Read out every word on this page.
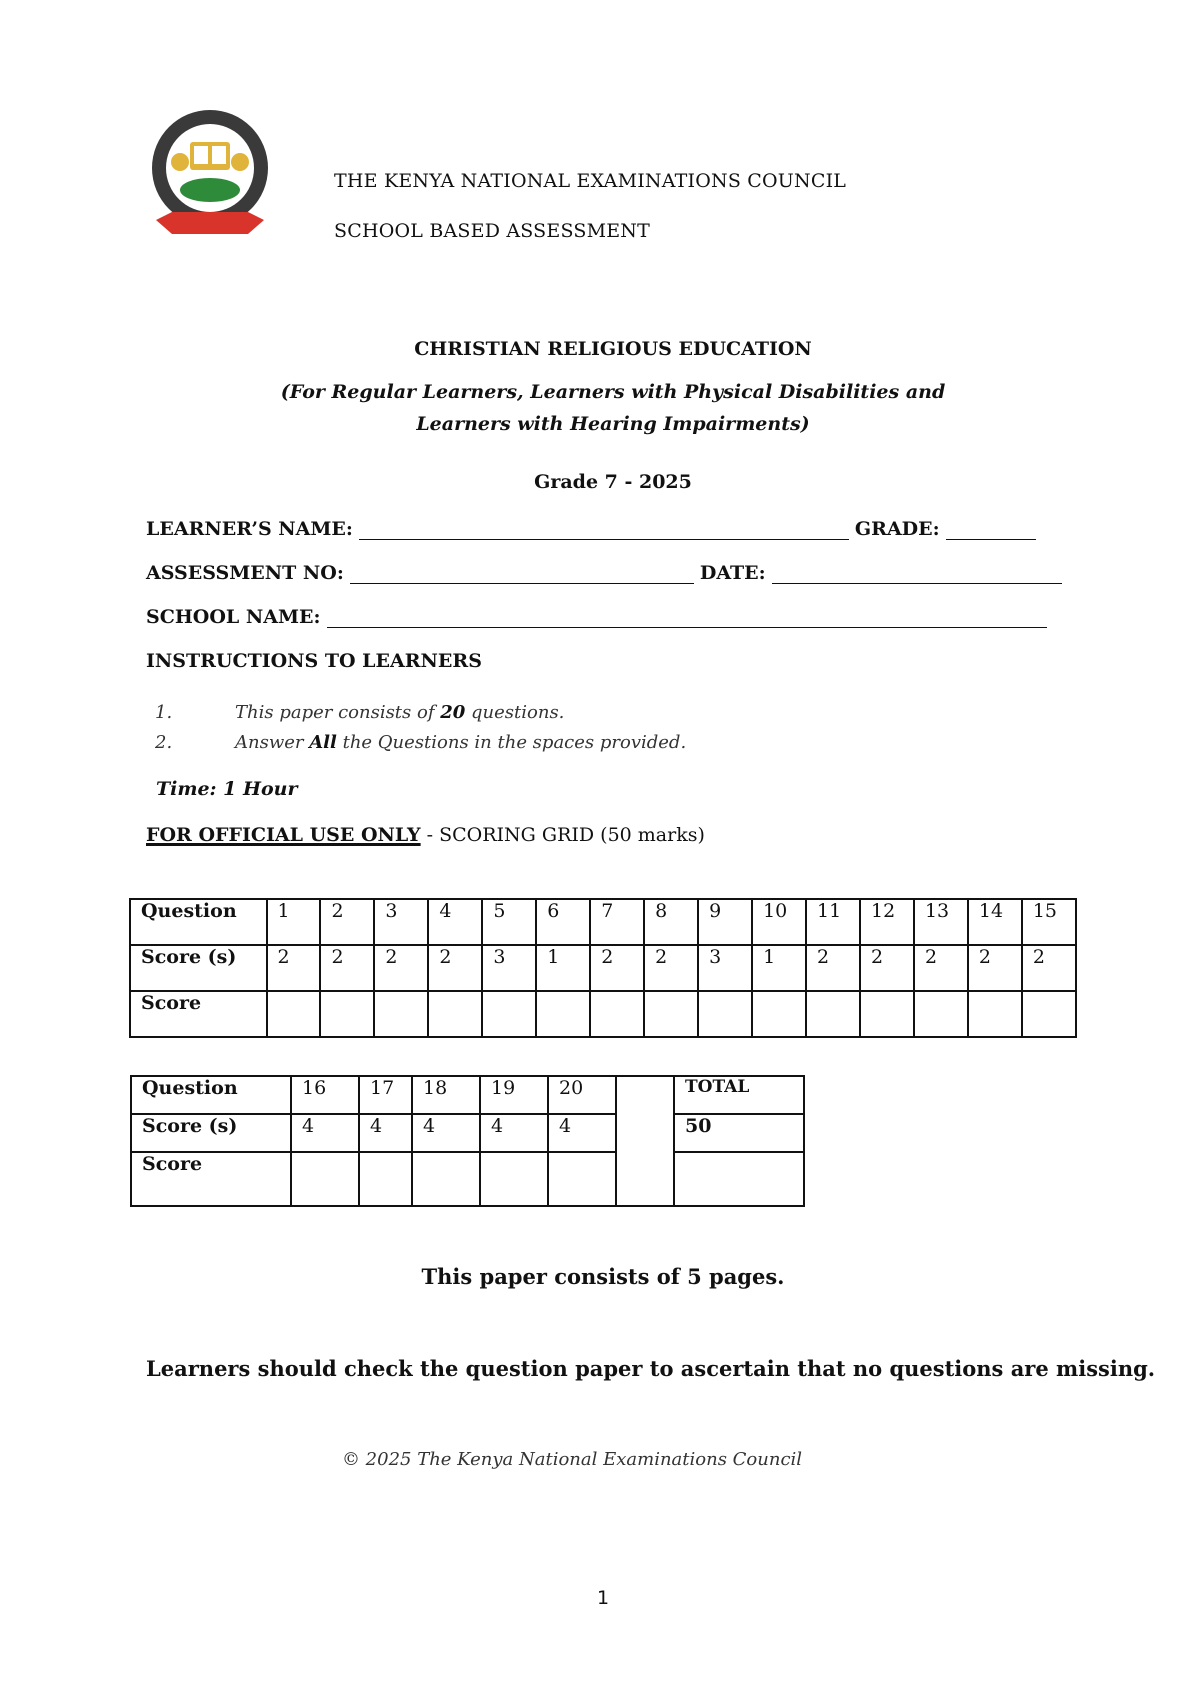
THE KENYA NATIONAL EXAMINATIONS COUNCIL
SCHOOL BASED ASSESSMENT
CHRISTIAN RELIGIOUS EDUCATION
(For Regular Learners, Learners with Physical Disabilities and
Learners with Hearing Impairments)
Grade 7 - 2025
LEARNER’S NAME:	GRADE:
ASSESSMENT NO:	DATE:
SCHOOL NAME:
INSTRUCTIONS TO LEARNERS
1.	This paper consists of 20 questions.
2.	Answer All the Questions in the spaces provided.
Time: 1 Hour
FOR OFFICIAL USE ONLY - SCORING GRID (50 marks)
Question	1	2	3	4	5	6	7	8	9	10	11	12	13	14	15
Score (s)	2	2	2	2	3	1	2	2	3	1	2	2	2	2	2
Score															
Question	16	17	18	19	20		TOTAL
Score (s)	4	4	4	4	4		50
Score							
This paper consists of 5 pages.
Learners should check the question paper to ascertain that no questions are missing.
© 2025 The Kenya National Examinations Council
1
